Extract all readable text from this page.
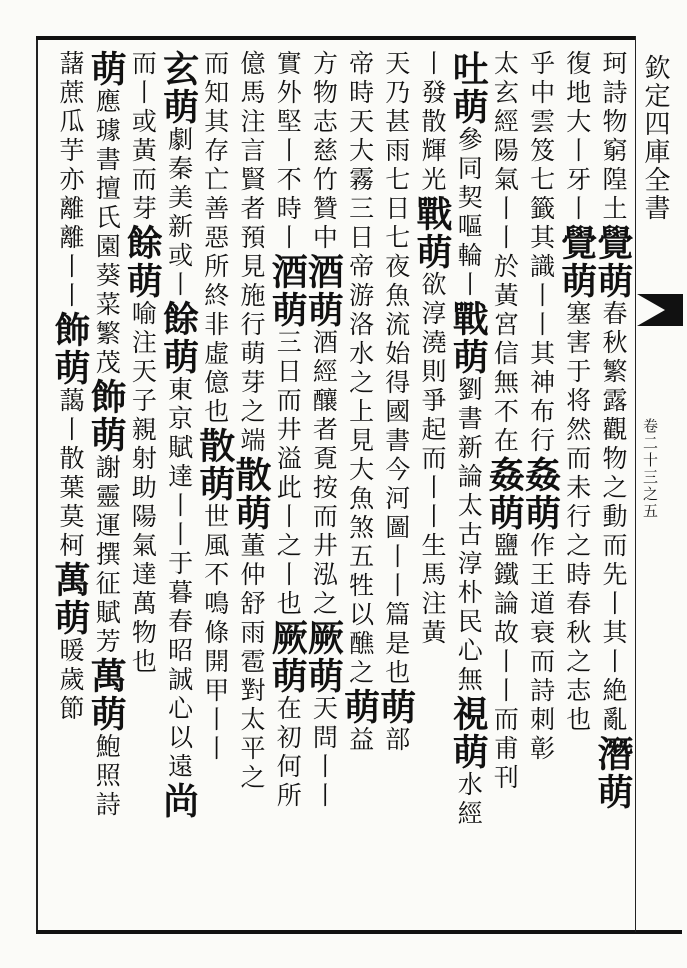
欽定四庫全書
卷二十三之五
珂詩物窮隍土覺萌春秋繁露觀物之動而先丨其丨絶亂潛萌
復地大丨牙丨覺萌塞害于将然而未行之時春秋之志也
乎中雲笈七籤其識丨丨其神布行姦萌作王道衰而詩刺彰
太玄經陽氣丨丨於黃宮信無不在姦萌鹽鐵論故丨丨而甫刊
吐萌參同契嘔輪丨戰萌劉書新論太古淳朴民心無視萌水經
丨發散輝光戰萌欲淳澆則爭起而丨丨生馬注黃
天乃甚雨七日七夜魚流始得國書今河圖丨丨篇是也萌部
帝時天大霧三日帝游洛水之上見大魚煞五牲以醮之萌益
方物志慈竹贊中酒萌酒經釀者覔按而井泓之厥萌天問丨丨
實外堅丨不時丨酒萌三日而井溢此丨之丨也厥萌在初何所
億馬注言賢者預見施行萌芽之端散萌董仲舒雨雹對太平之
而知其存亡善惡所終非虛億也散萌世風不鳴條開甲丨丨
玄萌劇秦美新或丨餘萌東京賦達丨丨于暮春昭誠心以遠尚
而丨或黃而芽餘萌喻注天子親射助陽氣達萬物也
萌應璩書擅氏園葵菜繁茂飾萌謝靈運撰征賦芳萬萌鮑照詩
藷蔗瓜芋亦離離丨丨飾萌藹丨散葉莫柯萬萌暖歲節
